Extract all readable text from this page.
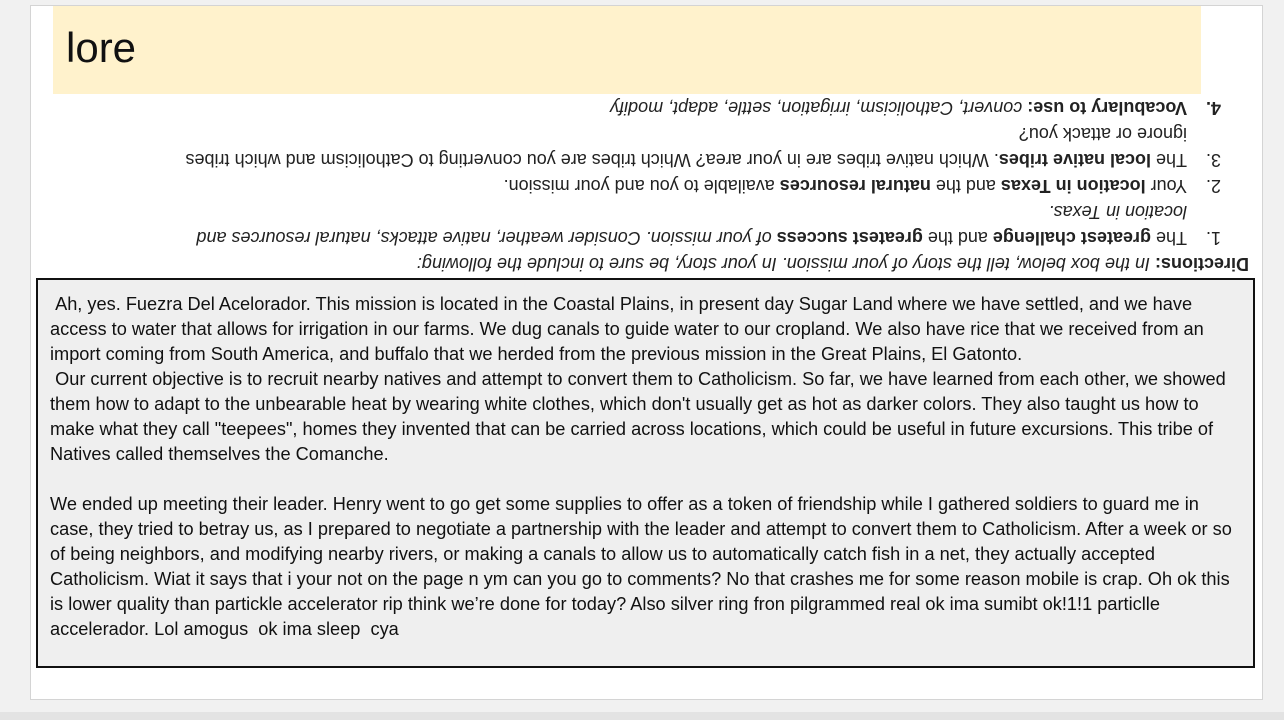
lore
Directions: In the box below, tell the story of your mission. In your story, be sure to include the following:
1.
The greatest challenge and the greatest success of your mission. Consider weather, native attacks, natural resources and
location in Texas.
2.
Your location in Texas and the natural resources available to you and your mission.
3.
The local native tribes. Which native tribes are in your area? Which tribes are you converting to Catholicism and which tribes
ignore or attack you?
4.
Vocabulary to use: convert, Catholicism, irrigation, settle, adapt, modify

Ah, yes. Fuezra Del Acelorador. This mission is located in the Coastal Plains, in present day Sugar Land where we have settled, and we have access to water that allows for irrigation in our farms. We dug canals to guide water to our cropland. We also have rice that we received from an import coming from South America, and buffalo that we herded from the previous mission in the Great Plains, El Gatonto.

Our current objective is to recruit nearby natives and attempt to convert them to Catholicism. So far, we have learned from each other, we showed them how to adapt to the unbearable heat by wearing white clothes, which don't usually get as hot as darker colors. They also taught us how to make what they call "teepees", homes they invented that can be carried across locations, which could be useful in future excursions. This tribe of Natives called themselves the Comanche.

We ended up meeting their leader. Henry went to go get some supplies to offer as a token of friendship while I gathered soldiers to guard me in case, they tried to betray us, as I prepared to negotiate a partnership with the leader and attempt to convert them to Catholicism. After a week or so of being neighbors, and modifying nearby rivers, or making a canals to allow us to automatically catch fish in a net, they actually accepted Catholicism. Wiat it says that i your not on the page n ym can you go to comments? No that crashes me for some reason mobile is crap. Oh ok this is lower quality than partickle accelerator rip think we’re done for today? Also silver ring fron pilgrammed real ok ima sumibt ok!1!1 particlle accelerador. Lol amogus  ok ima sleep  cya
